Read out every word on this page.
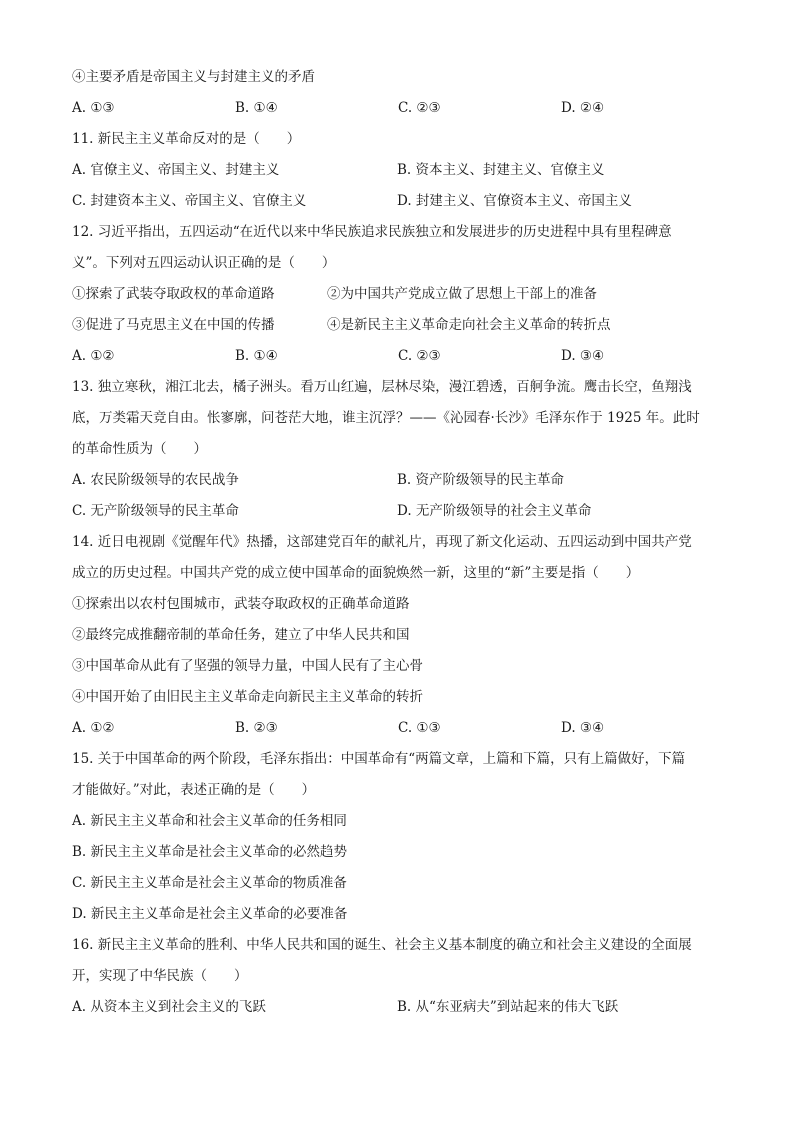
④主要矛盾是帝国主义与封建主义的矛盾
A. ①③	B. ①④	C. ②③	D. ②④
11. 新民主主义革命反对的是（　　）
A. 官僚主义、帝国主义、封建主义	B. 资本主义、封建主义、官僚主义
C. 封建资本主义、帝国主义、官僚主义	D. 封建主义、官僚资本主义、帝国主义
12. 习近平指出，五四运动“在近代以来中华民族追求民族独立和发展进步的历史进程中具有里程碑意
义”。下列对五四运动认识正确的是（　　）
①探索了武装夺取政权的革命道路	②为中国共产党成立做了思想上干部上的准备
③促进了马克思主义在中国的传播	④是新民主主义革命走向社会主义革命的转折点
A. ①②	B. ①④	C. ②③	D. ③④
13. 独立寒秋，湘江北去，橘子洲头。看万山红遍，层林尽染，漫江碧透，百舸争流。鹰击长空，鱼翔浅
底，万类霜天竞自由。怅寥廓，问苍茫大地，谁主沉浮？——《沁园春·长沙》毛泽东作于 1925 年。此时
的革命性质为（　　）
A. 农民阶级领导的农民战争	B. 资产阶级领导的民主革命
C. 无产阶级领导的民主革命	D. 无产阶级领导的社会主义革命
14. 近日电视剧《觉醒年代》热播，这部建党百年的献礼片，再现了新文化运动、五四运动到中国共产党
成立的历史过程。中国共产党的成立使中国革命的面貌焕然一新，这里的“新”主要是指（　　）
①探索出以农村包围城市，武装夺取政权的正确革命道路
②最终完成推翻帝制的革命任务，建立了中华人民共和国
③中国革命从此有了坚强的领导力量，中国人民有了主心骨
④中国开始了由旧民主主义革命走向新民主主义革命的转折
A. ①②	B. ②③	C. ①③	D. ③④
15. 关于中国革命的两个阶段，毛泽东指出：中国革命有“两篇文章，上篇和下篇，只有上篇做好，下篇
才能做好。”对此，表述正确的是（　　）
A. 新民主主义革命和社会主义革命的任务相同
B. 新民主主义革命是社会主义革命的必然趋势
C. 新民主主义革命是社会主义革命的物质准备
D. 新民主主义革命是社会主义革命的必要准备
16. 新民主主义革命的胜利、中华人民共和国的诞生、社会主义基本制度的确立和社会主义建设的全面展
开，实现了中华民族（　　）
A. 从资本主义到社会主义的飞跃	B. 从“东亚病夫”到站起来的伟大飞跃
